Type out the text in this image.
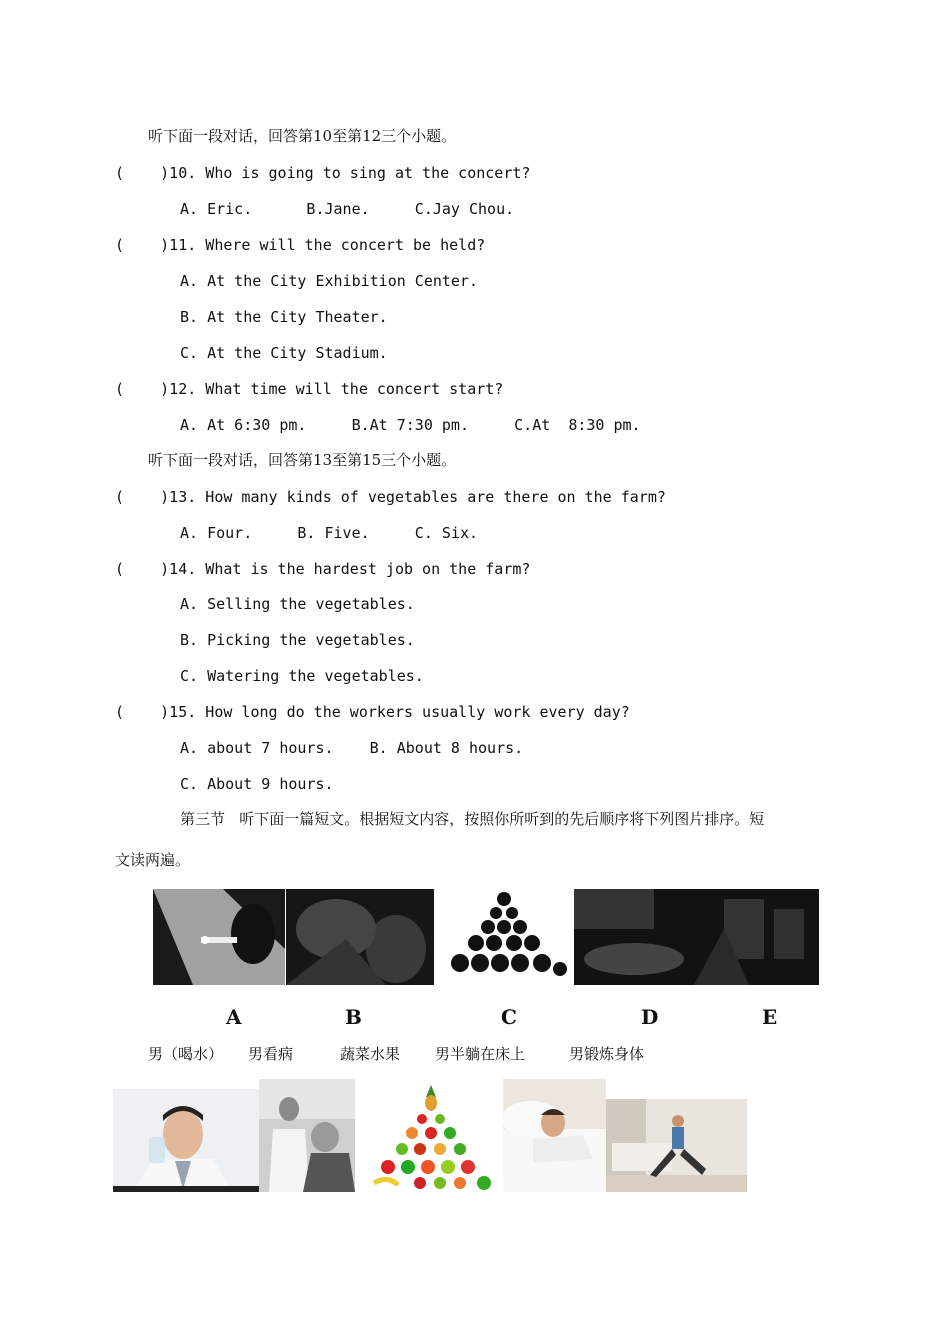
听下面一段对话，回答第10至第12三个小题。
(    )10. Who is going to sing at the concert?
A. Eric.      B.Jane.     C.Jay Chou.
(    )11. Where will the concert be held?
A. At the City Exhibition Center.
B. At the City Theater.
C. At the City Stadium.
(    )12. What time will the concert start?
A. At 6:30 pm.     B.At 7:30 pm.     C.At  8:30 pm.
听下面一段对话，回答第13至第15三个小题。
(    )13. How many kinds of vegetables are there on the farm?
A. Four.     B. Five.     C. Six.
(    )14. What is the hardest job on the farm?
A. Selling the vegetables.
B. Picking the vegetables.
C. Watering the vegetables.
(    )15. How long do the workers usually work every day?
A. about 7 hours.    B. About 8 hours.
C. About 9 hours.
第三节   听下面一篇短文。根据短文内容，按照你所听到的先后顺序将下列图片排序。短
文读两遍。
A	B	C	D	E
男（喝水） 男看病	蔬菜水果 男半躺在床上	男锻炼身体
